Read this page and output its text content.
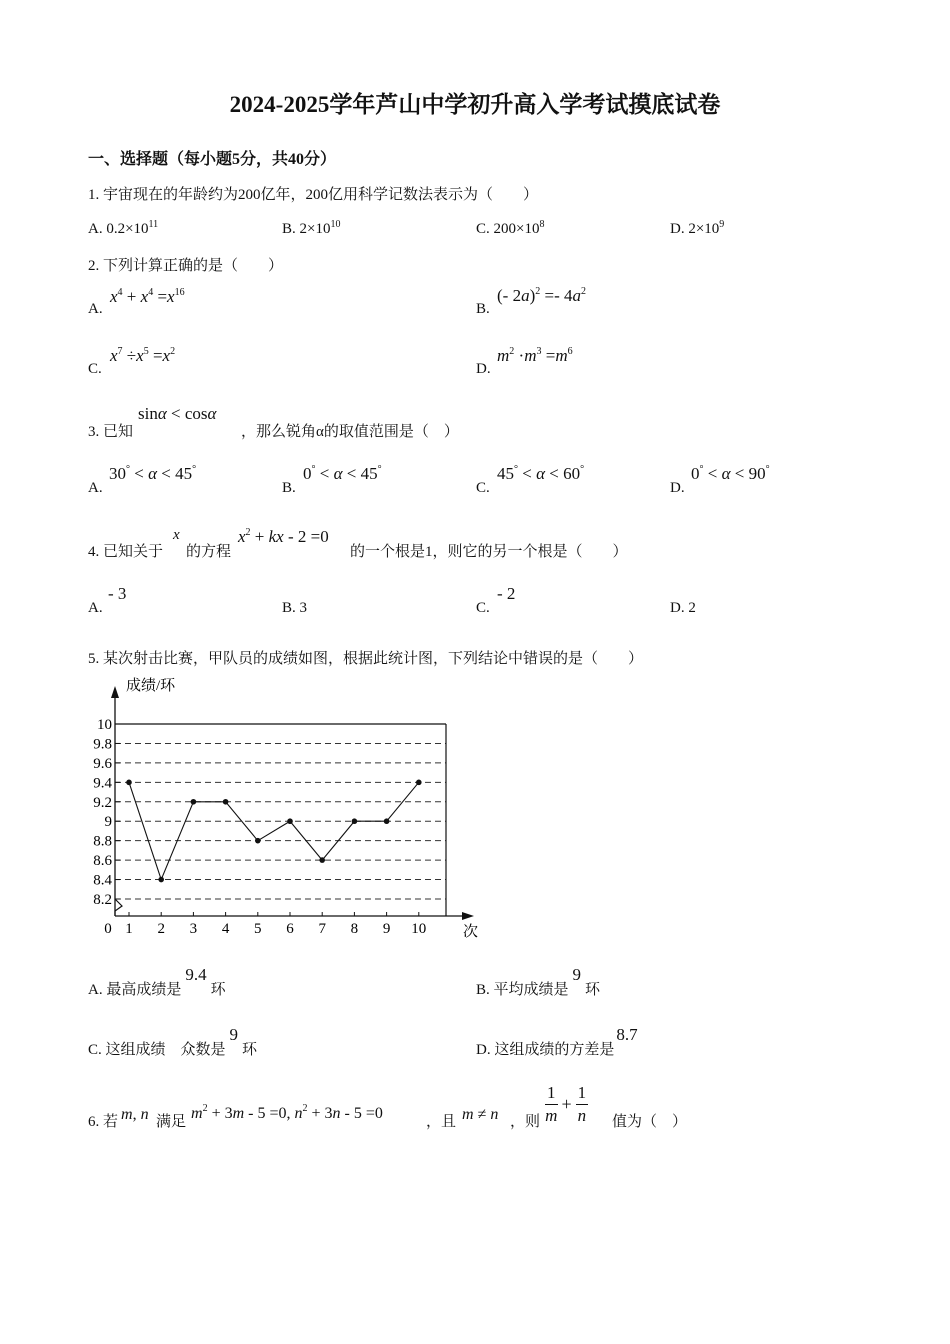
2024-2025学年芦山中学初升高入学考试摸底试卷
一、选择题（每小题5分，共40分）
1. 宇宙现在的年龄约为200亿年，200亿用科学记数法表示为（　　）
A. $0.2\times 10^{11}$	B. $2\times 10^{10}$	C. $200\times 10^8$	D. $2\times 10^9$
2. 下列计算正确的是（　　）
A.
$x^4 + x^4 =x^{16}$
B.
(- $2a)^2 =- 4a^2$
C.
$x^7 \div x^5 =x^2$
D.
$m^2 \cdot m^3 =m^6$
3. 已知
sinα < cosα
，那么锐角α的取值范围是（　）
A.
30° < α < 45°
B.
0° < α < 45°
C.
45° < α < 60°
D.
0° < α < 90°
4. 已知关于
x
的方程
$x^2$ + kx - 2 =0
的一个根是1，则它的另一个根是（　　）
A.
- 3
B. 3	C.
- 2
D. 2
5. 某次射击比赛，甲队员的成绩如图，根据此统计图，下列结论中错误的是（　　）
8.2
8.4
8.6
8.8
9
9.2
9.4
9.6
9.8
10
0 1 2 3 4 5 6 7 8 9 10
成绩/环
次
A. 最高成绩是9.4环	B. 平均成绩是9环
C. 这组成绩　众数是9环	D. 这组成绩的方差是8.7
6. 若 m, n 满足 $m^2 + 3m - 5 =0$, $n^2 + 3n - 5 =0$	，且 m ≠ n ，则 $\frac{1}{m} + \frac{1}{n}$ 值为（　）
